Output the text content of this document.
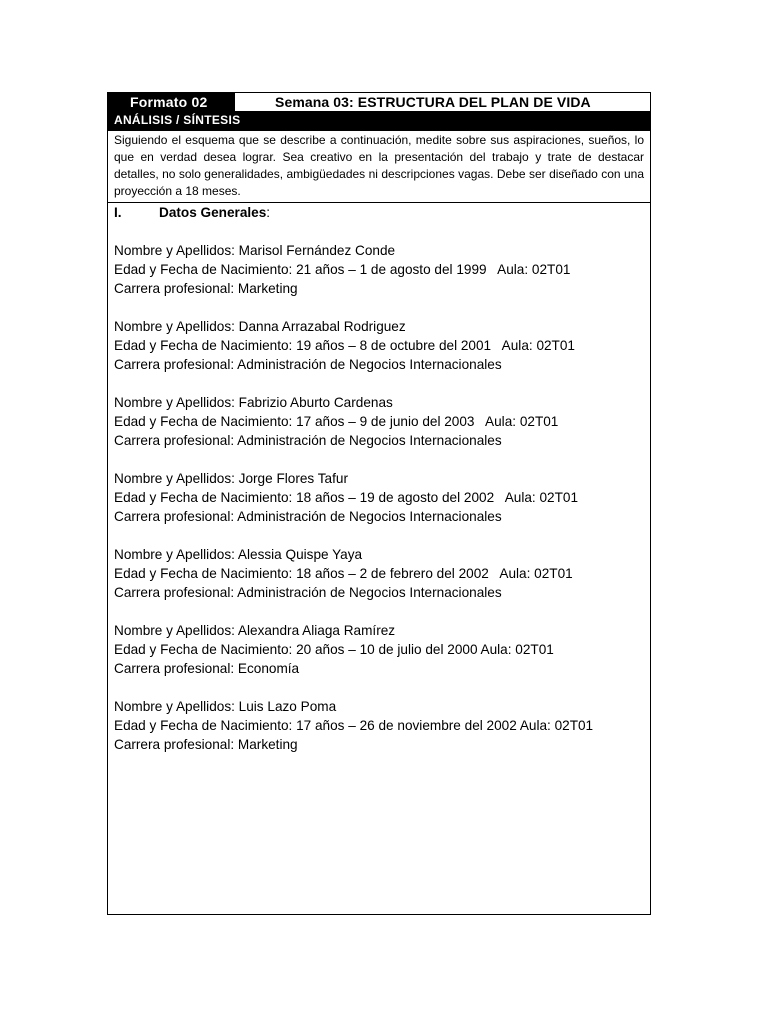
Formato 02	Semana 03: ESTRUCTURA DEL PLAN DE VIDA
ANÁLISIS / SÍNTESIS
Siguiendo el esquema que se describe a continuación, medite sobre sus aspiraciones, sueños, lo que en verdad desea lograr. Sea creativo en la presentación del trabajo y trate de destacar detalles, no solo generalidades, ambigüedades ni descripciones vagas. Debe ser diseñado con una proyección a 18 meses.
I.	Datos Generales :
Nombre y Apellidos: Marisol Fernández Conde
Edad y Fecha de Nacimiento: 21 años – 1 de agosto del 1999   Aula: 02T01
Carrera profesional: Marketing
Nombre y Apellidos: Danna Arrazabal Rodriguez
Edad y Fecha de Nacimiento: 19 años – 8 de octubre del 2001   Aula: 02T01
Carrera profesional: Administración de Negocios Internacionales
Nombre y Apellidos: Fabrizio Aburto Cardenas
Edad y Fecha de Nacimiento: 17 años – 9 de junio del 2003   Aula: 02T01
Carrera profesional: Administración de Negocios Internacionales
Nombre y Apellidos: Jorge Flores Tafur
Edad y Fecha de Nacimiento: 18 años – 19 de agosto del 2002   Aula: 02T01
Carrera profesional: Administración de Negocios Internacionales
Nombre y Apellidos: Alessia Quispe Yaya
Edad y Fecha de Nacimiento: 18 años – 2 de febrero del 2002   Aula: 02T01
Carrera profesional: Administración de Negocios Internacionales
Nombre y Apellidos: Alexandra Aliaga Ramírez
Edad y Fecha de Nacimiento: 20 años – 10 de julio del 2000 Aula: 02T01
Carrera profesional: Economía
Nombre y Apellidos: Luis Lazo Poma
Edad y Fecha de Nacimiento: 17 años – 26 de noviembre del 2002 Aula: 02T01
Carrera profesional: Marketing
